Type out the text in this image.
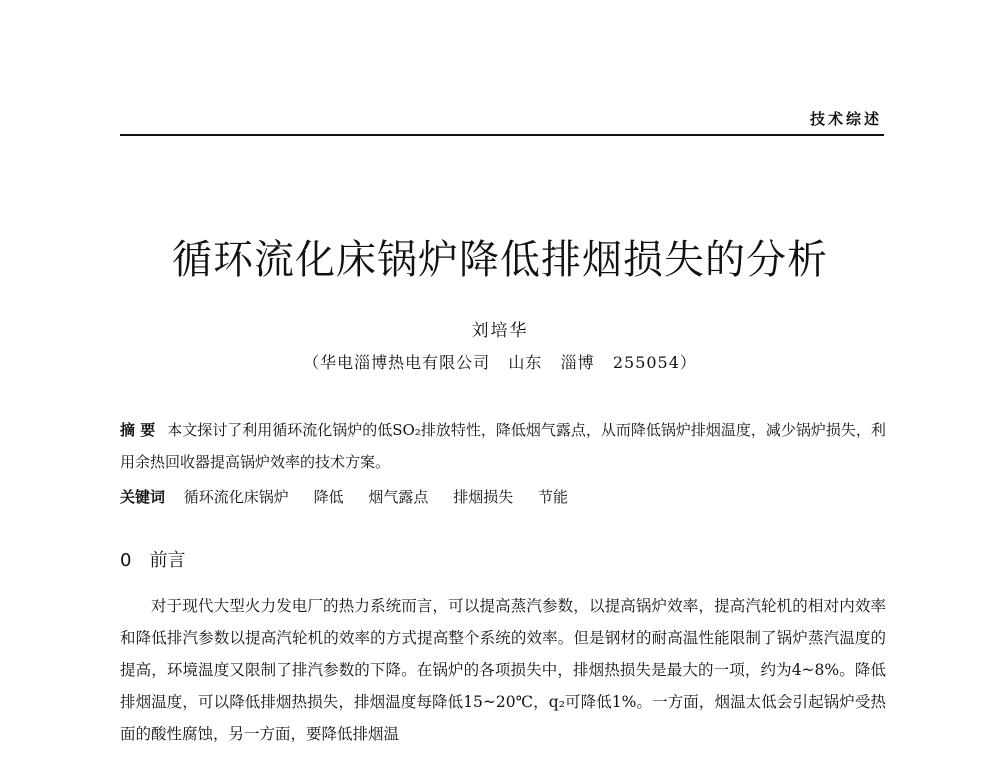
技术综述
循环流化床锅炉降低排烟损失的分析
刘培华
（华电淄博热电有限公司   山东   淄博   255054）
摘 要 本文探讨了利用循环流化锅炉的低SO₂排放特性，降低烟气露点，从而降低锅炉排烟温度，减少锅炉损失，利用余热回收器提高锅炉效率的技术方案。
关键词 循环流化床锅炉 降低 烟气露点 排烟损失 节能
0 前言
对于现代大型火力发电厂的热力系统而言，可以提高蒸汽参数，以提高锅炉效率，提高汽轮机的相对内效率和降低排汽参数以提高汽轮机的效率的方式提高整个系统的效率。但是钢材的耐高温性能限制了锅炉蒸汽温度的提高，环境温度又限制了排汽参数的下降。在锅炉的各项损失中，排烟热损失是最大的一项，约为4~8%。降低排烟温度，可以降低排烟热损失，排烟温度每降低15~20℃，q₂可降低1%。一方面，烟温太低会引起锅炉受热面的酸性腐蚀，另一方面，要降低排烟温
